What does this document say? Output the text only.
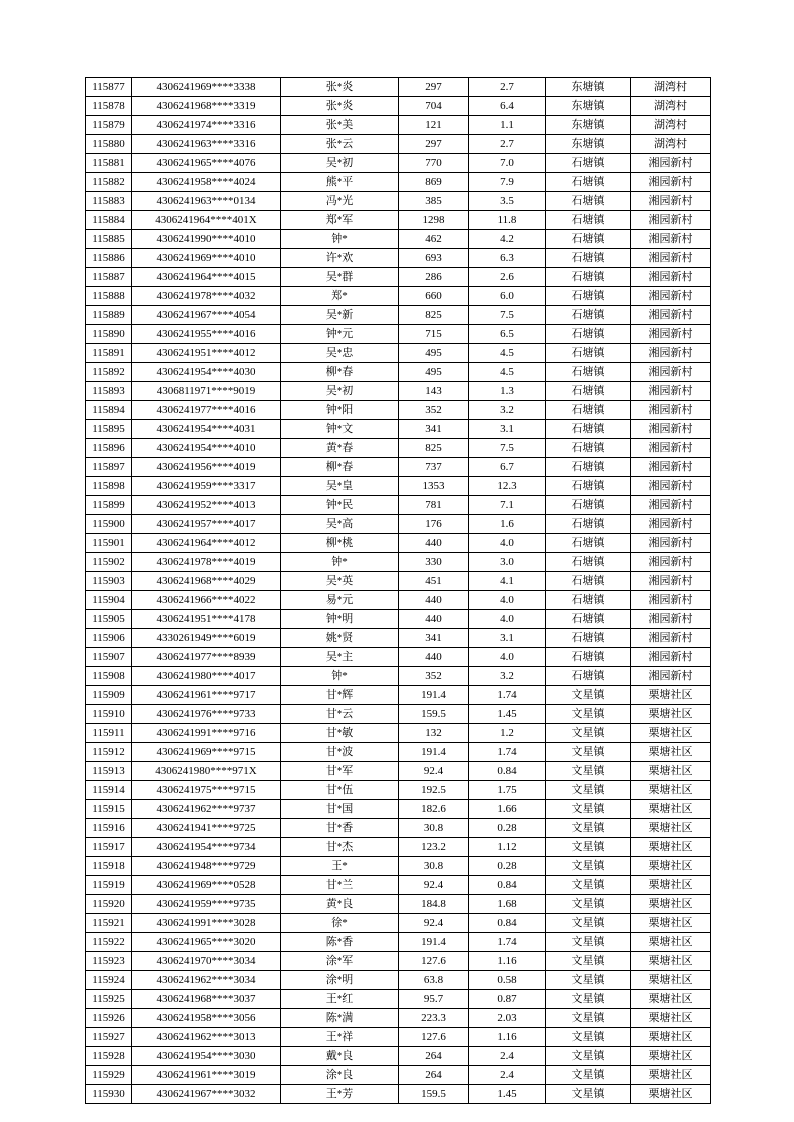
115877	4306241969****3338	张*炎	297	2.7	东塘镇	湖湾村
115878	4306241968****3319	张*炎	704	6.4	东塘镇	湖湾村
115879	4306241974****3316	张*美	121	1.1	东塘镇	湖湾村
115880	4306241963****3316	张*云	297	2.7	东塘镇	湖湾村
115881	4306241965****4076	吴*初	770	7.0	石塘镇	湘园新村
115882	4306241958****4024	熊*平	869	7.9	石塘镇	湘园新村
115883	4306241963****0134	冯*光	385	3.5	石塘镇	湘园新村
115884	4306241964****401X	郑*军	1298	11.8	石塘镇	湘园新村
115885	4306241990****4010	钟*	462	4.2	石塘镇	湘园新村
115886	4306241969****4010	许*欢	693	6.3	石塘镇	湘园新村
115887	4306241964****4015	吴*群	286	2.6	石塘镇	湘园新村
115888	4306241978****4032	郑*	660	6.0	石塘镇	湘园新村
115889	4306241967****4054	吴*新	825	7.5	石塘镇	湘园新村
115890	4306241955****4016	钟*元	715	6.5	石塘镇	湘园新村
115891	4306241951****4012	吴*忠	495	4.5	石塘镇	湘园新村
115892	4306241954****4030	柳*春	495	4.5	石塘镇	湘园新村
115893	4306811971****9019	吴*初	143	1.3	石塘镇	湘园新村
115894	4306241977****4016	钟*阳	352	3.2	石塘镇	湘园新村
115895	4306241954****4031	钟*文	341	3.1	石塘镇	湘园新村
115896	4306241954****4010	黄*春	825	7.5	石塘镇	湘园新村
115897	4306241956****4019	柳*春	737	6.7	石塘镇	湘园新村
115898	4306241959****3317	吴*皇	1353	12.3	石塘镇	湘园新村
115899	4306241952****4013	钟*民	781	7.1	石塘镇	湘园新村
115900	4306241957****4017	吴*高	176	1.6	石塘镇	湘园新村
115901	4306241964****4012	柳*桃	440	4.0	石塘镇	湘园新村
115902	4306241978****4019	钟*	330	3.0	石塘镇	湘园新村
115903	4306241968****4029	吴*英	451	4.1	石塘镇	湘园新村
115904	4306241966****4022	易*元	440	4.0	石塘镇	湘园新村
115905	4306241951****4178	钟*明	440	4.0	石塘镇	湘园新村
115906	4330261949****6019	姚*贤	341	3.1	石塘镇	湘园新村
115907	4306241977****8939	吴*主	440	4.0	石塘镇	湘园新村
115908	4306241980****4017	钟*	352	3.2	石塘镇	湘园新村
115909	4306241961****9717	甘*辉	191.4	1.74	文星镇	栗塘社区
115910	4306241976****9733	甘*云	159.5	1.45	文星镇	栗塘社区
115911	4306241991****9716	甘*敏	132	1.2	文星镇	栗塘社区
115912	4306241969****9715	甘*波	191.4	1.74	文星镇	栗塘社区
115913	4306241980****971X	甘*军	92.4	0.84	文星镇	栗塘社区
115914	4306241975****9715	甘*伍	192.5	1.75	文星镇	栗塘社区
115915	4306241962****9737	甘*国	182.6	1.66	文星镇	栗塘社区
115916	4306241941****9725	甘*香	30.8	0.28	文星镇	栗塘社区
115917	4306241954****9734	甘*杰	123.2	1.12	文星镇	栗塘社区
115918	4306241948****9729	王*	30.8	0.28	文星镇	栗塘社区
115919	4306241969****0528	甘*兰	92.4	0.84	文星镇	栗塘社区
115920	4306241959****9735	黄*良	184.8	1.68	文星镇	栗塘社区
115921	4306241991****3028	徐*	92.4	0.84	文星镇	栗塘社区
115922	4306241965****3020	陈*香	191.4	1.74	文星镇	栗塘社区
115923	4306241970****3034	涂*军	127.6	1.16	文星镇	栗塘社区
115924	4306241962****3034	涂*明	63.8	0.58	文星镇	栗塘社区
115925	4306241968****3037	王*红	95.7	0.87	文星镇	栗塘社区
115926	4306241958****3056	陈*满	223.3	2.03	文星镇	栗塘社区
115927	4306241962****3013	王*祥	127.6	1.16	文星镇	栗塘社区
115928	4306241954****3030	戴*良	264	2.4	文星镇	栗塘社区
115929	4306241961****3019	涂*良	264	2.4	文星镇	栗塘社区
115930	4306241967****3032	王*芳	159.5	1.45	文星镇	栗塘社区
